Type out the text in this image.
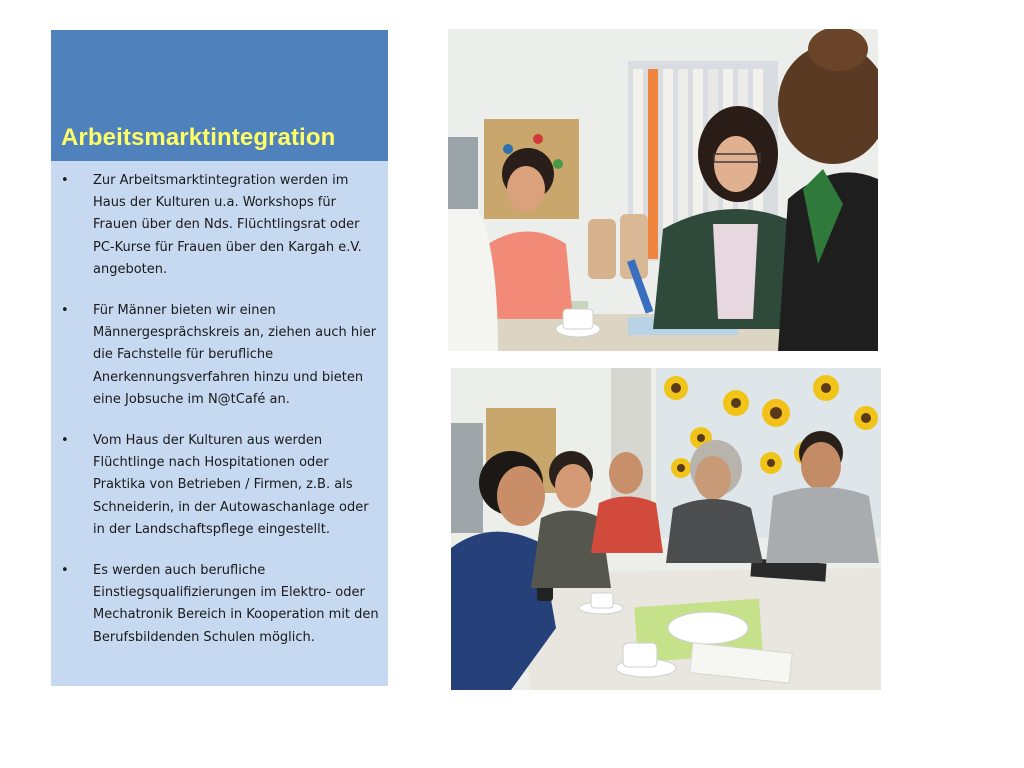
Arbeitsmarktintegration
• Zur Arbeitsmarktintegration werden im
Haus der Kulturen u.a. Workshops für
Frauen über den Nds. Flüchtlingsrat oder
PC-Kurse für Frauen über den Kargah e.V.
angeboten.
• Für Männer bieten wir einen
Männergesprächskreis an, ziehen auch hier
die Fachstelle für berufliche
Anerkennungsverfahren hinzu und bieten
eine Jobsuche im N@tCafé an.
• Vom Haus der Kulturen aus werden
Flüchtlinge nach Hospitationen oder
Praktika von Betrieben / Firmen, z.B. als
Schneiderin, in der Autowaschanlage oder
in der Landschaftspflege eingestellt.
• Es werden auch berufliche
Einstiegsqualifizierungen im Elektro- oder
Mechatronik Bereich in Kooperation mit den
Berufsbildenden Schulen möglich.
